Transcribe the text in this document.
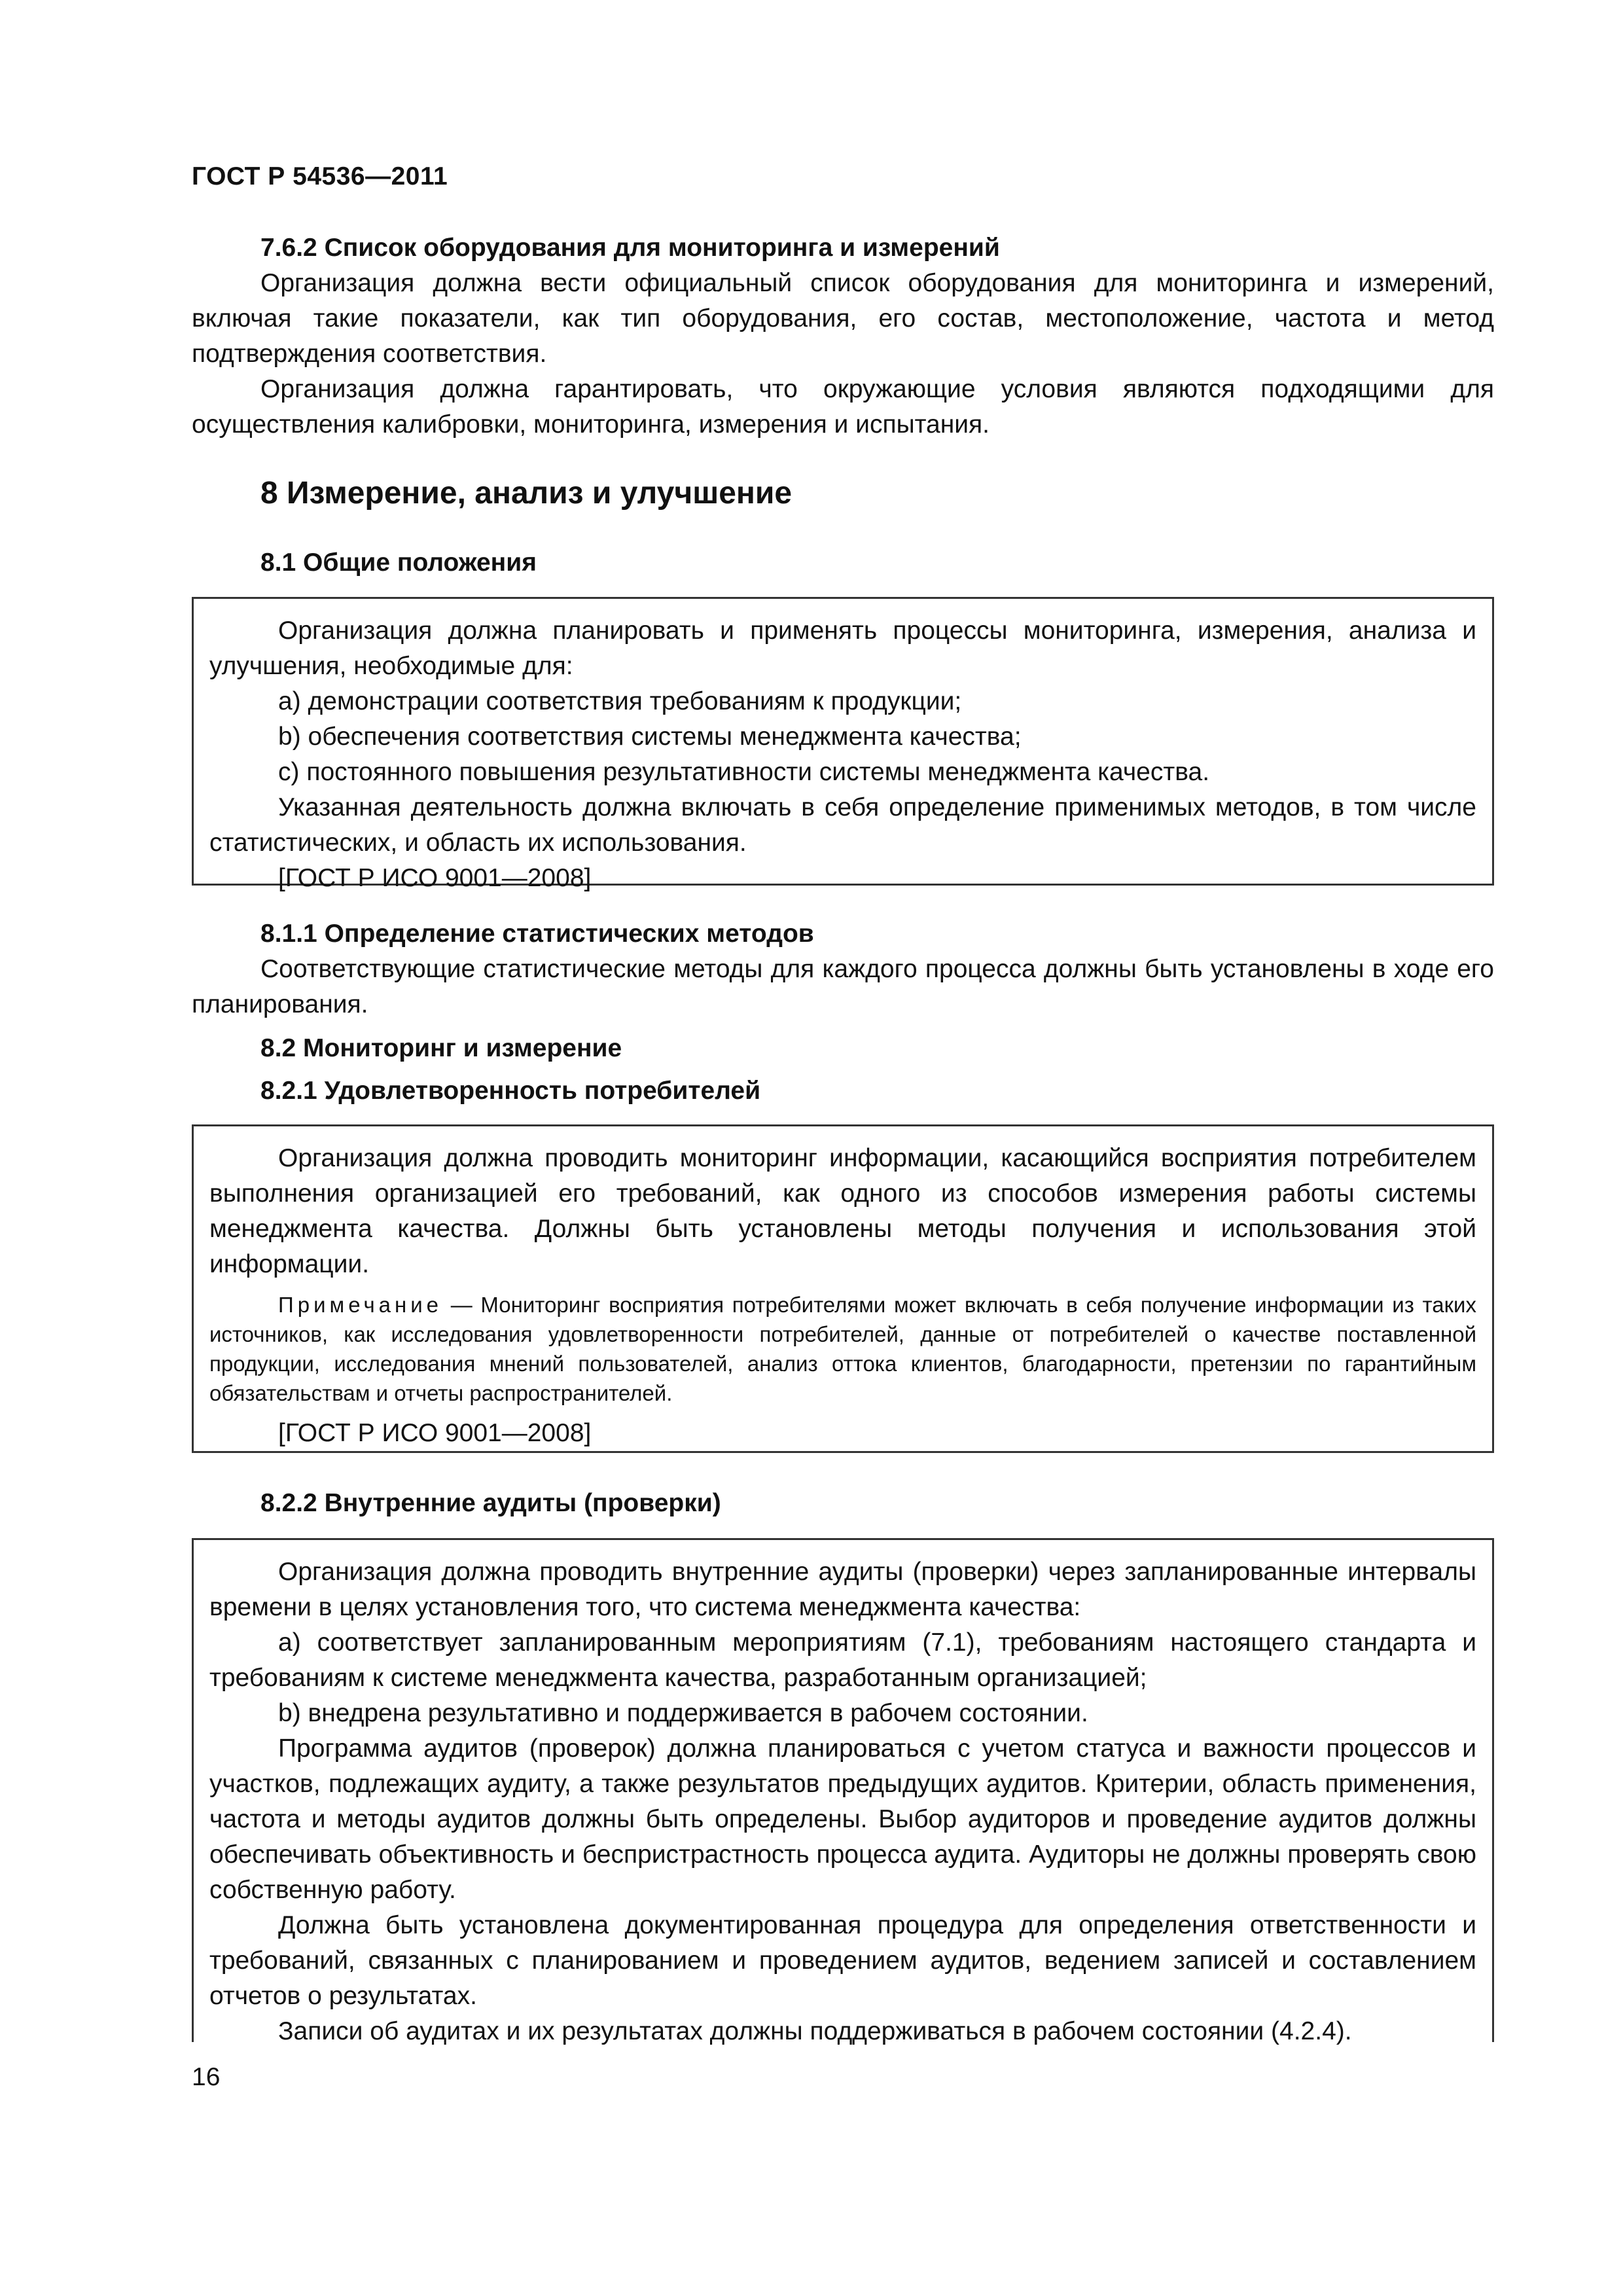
ГОСТ Р 54536—2011

7.6.2 Список оборудования для мониторинга и измерений

Организация должна вести официальный список оборудования для мониторинга и измерений, включая такие показатели, как тип оборудования, его состав, местоположение, частота и метод подтверждения соответствия.

Организация должна гарантировать, что окружающие условия являются подходящими для осуществления калибровки, мониторинга, измерения и испытания.

8 Измерение, анализ и улучшение
8.1 Общие положения

Организация должна планировать и применять процессы мониторинга, измерения, анализа и улучшения, необходимые для:

a) демонстрации соответствия требованиям к продукции;

b) обеспечения соответствия системы менеджмента качества;

c) постоянного повышения результативности системы менеджмента качества.

Указанная деятельность должна включать в себя определение применимых методов, в том числе статистических, и область их использования.

[ГОСТ Р ИСО 9001—2008]

8.1.1 Определение статистических методов

Соответствующие статистические методы для каждого процесса должны быть установлены в ходе его планирования.

8.2 Мониторинг и измерение
8.2.1 Удовлетворенность потребителей

Организация должна проводить мониторинг информации, касающийся восприятия потребителем выполнения организацией его требований, как одного из способов измерения работы системы менеджмента качества. Должны быть установлены методы получения и использования этой информации.

Примечание — Мониторинг восприятия потребителями может включать в себя получение информации из таких источников, как исследования удовлетворенности потребителей, данные от потребителей о качестве поставленной продукции, исследования мнений пользователей, анализ оттока клиентов, благодарности, претензии по гарантийным обязательствам и отчеты распространителей.

[ГОСТ Р ИСО 9001—2008]

8.2.2 Внутренние аудиты (проверки)

Организация должна проводить внутренние аудиты (проверки) через запланированные интервалы времени в целях установления того, что система менеджмента качества:

a) соответствует запланированным мероприятиям (7.1), требованиям настоящего стандарта и требованиям к системе менеджмента качества, разработанным организацией;

b) внедрена результативно и поддерживается в рабочем состоянии.

Программа аудитов (проверок) должна планироваться с учетом статуса и важности процессов и участков, подлежащих аудиту, а также результатов предыдущих аудитов. Критерии, область применения, частота и методы аудитов должны быть определены. Выбор аудиторов и проведение аудитов должны обеспечивать объективность и беспристрастность процесса аудита. Аудиторы не должны проверять свою собственную работу.

Должна быть установлена документированная процедура для определения ответственности и требований, связанных с планированием и проведением аудитов, ведением записей и составлением отчетов о результатах.

Записи об аудитах и их результатах должны поддерживаться в рабочем состоянии (4.2.4).

16
